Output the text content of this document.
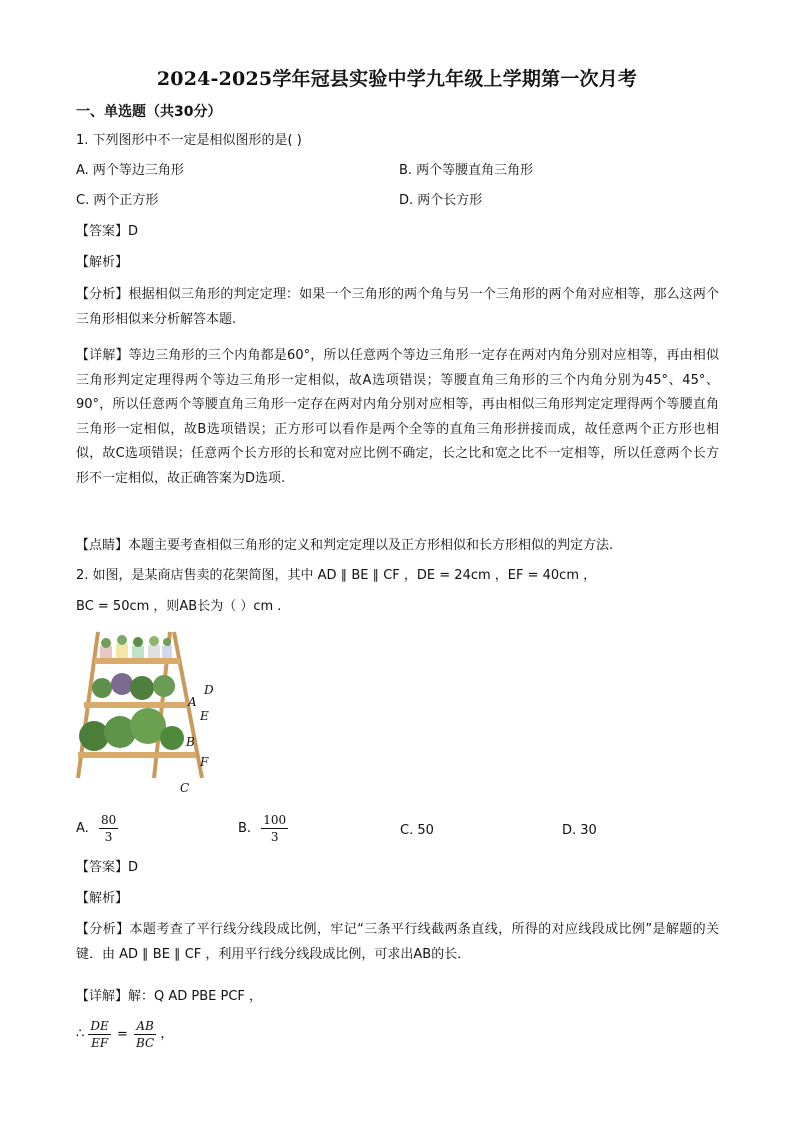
2024-2025学年冠县实验中学九年级上学期第一次月考
一、单选题（共30分）
1. 下列图形中不一定是相似图形的是( )
A. 两个等边三角形	B. 两个等腰直角三角形
C. 两个正方形	D. 两个长方形
【答案】D
【解析】
【分析】根据相似三角形的判定定理：如果一个三角形的两个角与另一个三角形的两个角对应相等，那么这两个三角形相似来分析解答本题.
【详解】等边三角形的三个内角都是60°，所以任意两个等边三角形一定存在两对内角分别对应相等，再由相似三角形判定定理得两个等边三角形一定相似，故A选项错误；等腰直角三角形的三个内角分别为45°、45°、90°，所以任意两个等腰直角三角形一定存在两对内角分别对应相等，再由相似三角形判定定理得两个等腰直角三角形一定相似，故B选项错误；正方形可以看作是两个全等的直角三角形拼接而成，故任意两个正方形也相似，故C选项错误；任意两个长方形的长和宽对应比例不确定，长之比和宽之比不一定相等，所以任意两个长方形不一定相似，故正确答案为D选项.
【点睛】本题主要考查相似三角形的定义和判定定理以及正方形相似和长方形相似的判定方法.
2. 如图，是某商店售卖的花架简图，其中 AD ∥ BE ∥ CF ，DE = 24cm ，EF = 40cm ，
BC = 50cm ，则AB长为（ ）cm .
D
A
E
B
F
C
A. $\frac{80}{3}$	B. $\frac{100}{3}$	C. 50	D. 30
【答案】D
【解析】
【分析】本题考查了平行线分线段成比例，牢记“三条平行线截两条直线，所得的对应线段成比例”是解题的关键．由 AD ∥ BE ∥ CF ，利用平行线分线段成比例，可求出AB的长．
【详解】解：Q AD PBE PCF ，
∴ $\frac{DE}{EF} = \frac{AB}{BC}$ ，
